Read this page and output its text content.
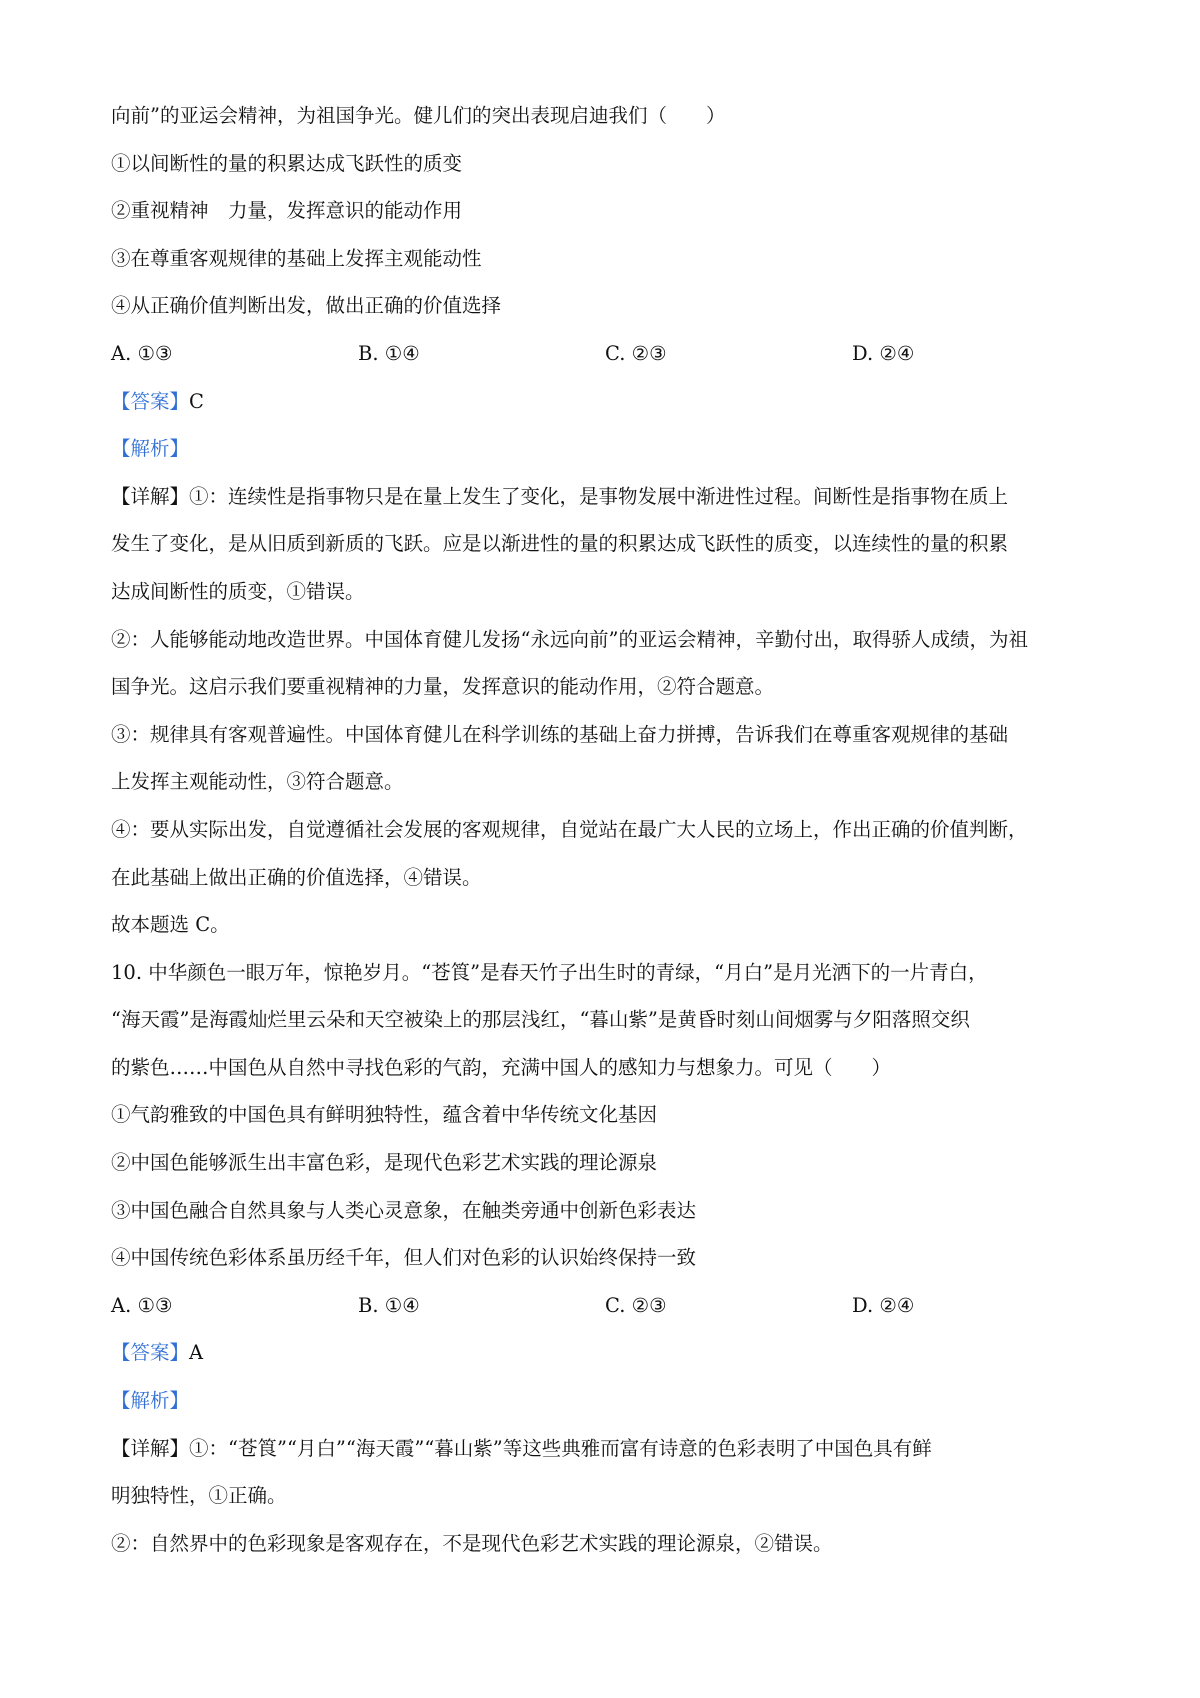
向前”的亚运会精神，为祖国争光。健儿们的突出表现启迪我们（　　）
①以间断性的量的积累达成飞跃性的质变
②重视精神　力量，发挥意识的能动作用
③在尊重客观规律的基础上发挥主观能动性
④从正确价值判断出发，做出正确的价值选择
A. ①③	B. ①④	C. ②③	D. ②④
【答案】C
【解析】
【详解】①：连续性是指事物只是在量上发生了变化，是事物发展中渐进性过程。间断性是指事物在质上
发生了变化，是从旧质到新质的飞跃。应是以渐进性的量的积累达成飞跃性的质变，以连续性的量的积累
达成间断性的质变，①错误。
②：人能够能动地改造世界。中国体育健儿发扬“永远向前”的亚运会精神，辛勤付出，取得骄人成绩，为祖
国争光。这启示我们要重视精神的力量，发挥意识的能动作用，②符合题意。
③：规律具有客观普遍性。中国体育健儿在科学训练的基础上奋力拼搏，告诉我们在尊重客观规律的基础
上发挥主观能动性，③符合题意。
④：要从实际出发，自觉遵循社会发展的客观规律，自觉站在最广大人民的立场上，作出正确的价值判断，
在此基础上做出正确的价值选择，④错误。
故本题选 C。
10. 中华颜色一眼万年，惊艳岁月。“苍筤”是春天竹子出生时的青绿，“月白”是月光洒下的一片青白，
“海天霞”是海霞灿烂里云朵和天空被染上的那层浅红，“暮山紫”是黄昏时刻山间烟雾与夕阳落照交织
的紫色……中国色从自然中寻找色彩的气韵，充满中国人的感知力与想象力。可见（　　）
①气韵雅致的中国色具有鲜明独特性，蕴含着中华传统文化基因
②中国色能够派生出丰富色彩，是现代色彩艺术实践的理论源泉
③中国色融合自然具象与人类心灵意象，在触类旁通中创新色彩表达
④中国传统色彩体系虽历经千年，但人们对色彩的认识始终保持一致
A. ①③	B. ①④	C. ②③	D. ②④
【答案】A
【解析】
【详解】①：“苍筤”“月白”“海天霞”“暮山紫”等这些典雅而富有诗意的色彩表明了中国色具有鲜
明独特性，①正确。
②：自然界中的色彩现象是客观存在，不是现代色彩艺术实践的理论源泉，②错误。
